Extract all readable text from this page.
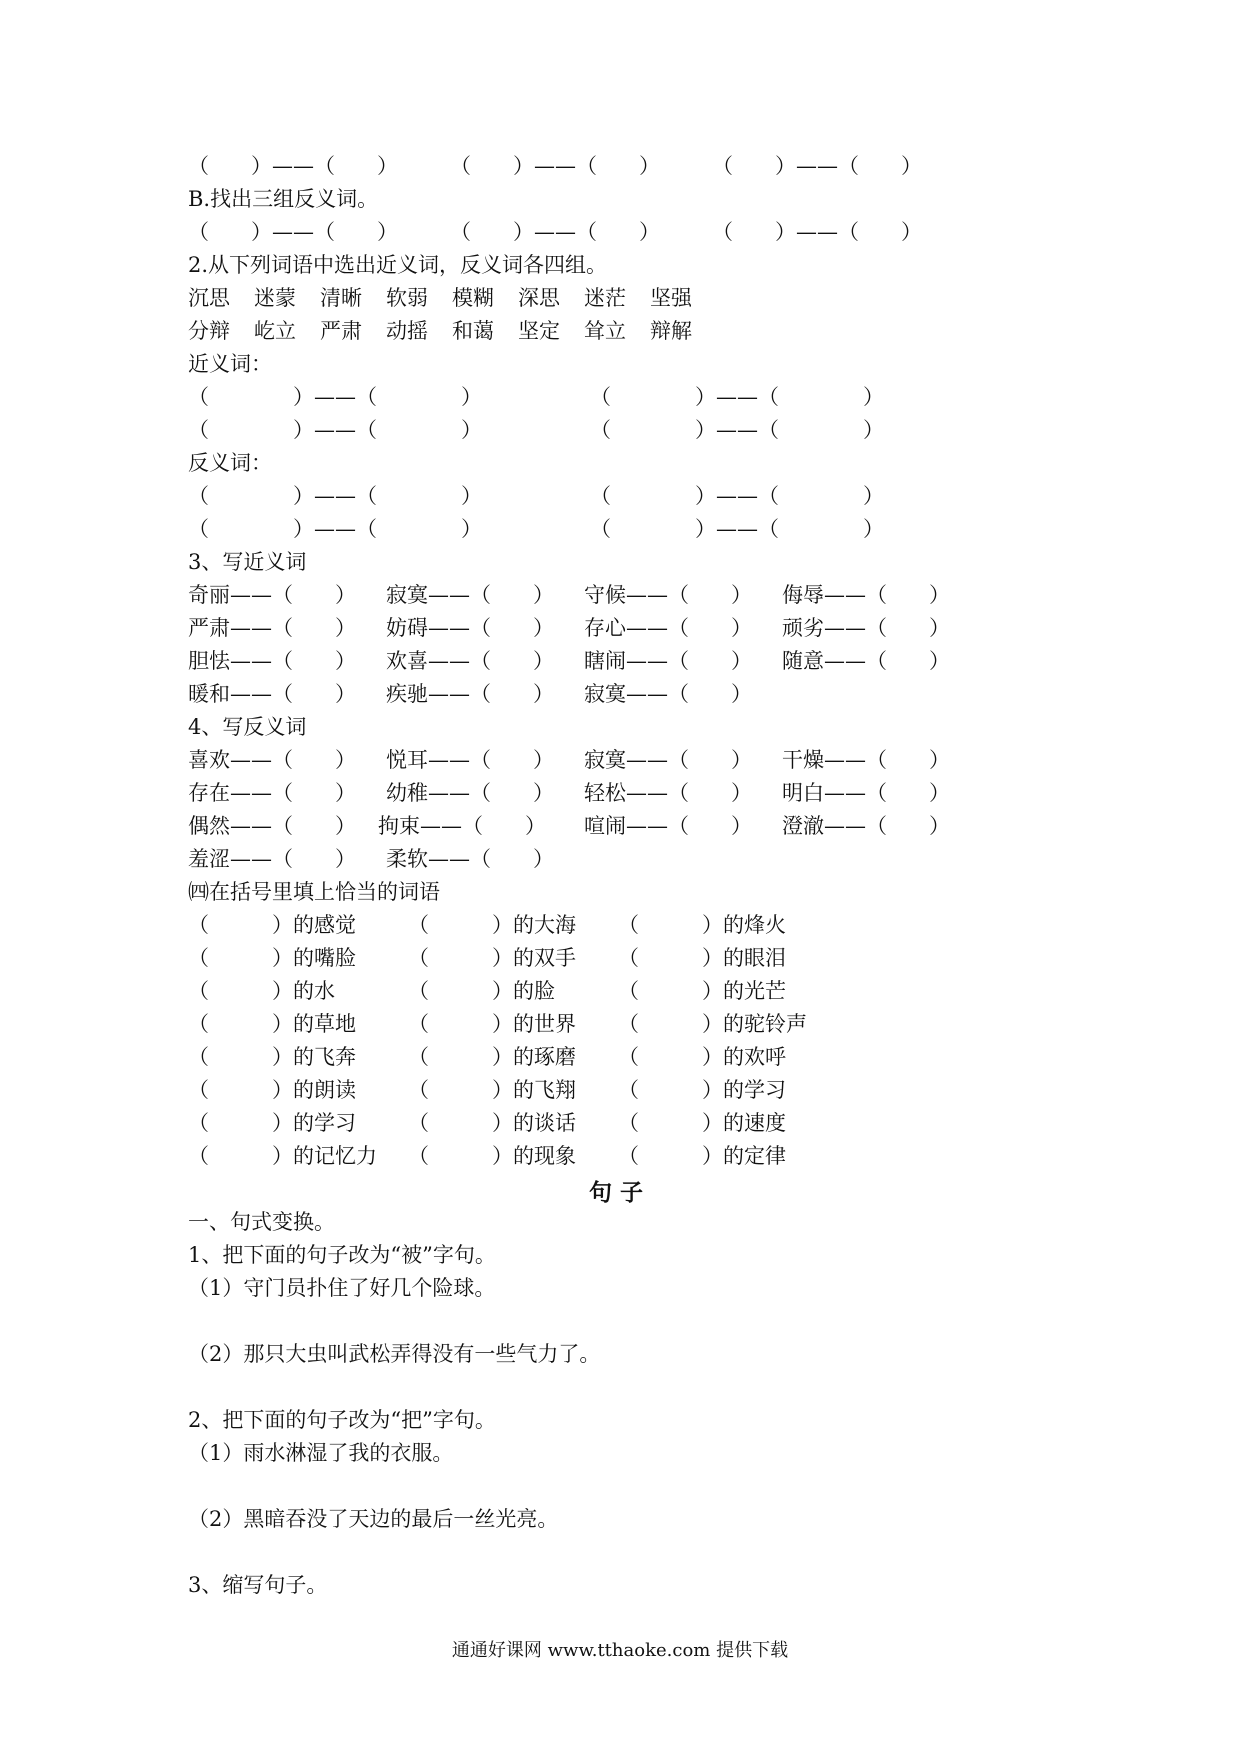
（　　）——（　　） （　　）——（　　） （　　）——（　　）
B.找出三组反义词。
（　　）——（　　） （　　）——（　　） （　　）——（　　）
2.从下列词语中选出近义词，反义词各四组。
沉思 迷蒙 清晰 软弱 模糊 深思 迷茫 坚强
分辩 屹立 严肃 动摇 和蔼 坚定 耸立 辩解
近义词：
（　　　　）——（　　　　）	（　　　　）——（　　　　）
（　　　　）——（　　　　）	（　　　　）——（　　　　）
反义词：
（　　　　）——（　　　　）	（　　　　）——（　　　　）
（　　　　）——（　　　　）	（　　　　）——（　　　　）
3、写近义词
奇丽——（　　） 寂寞——（　　） 守候——（　　） 侮辱——（　　）
严肃——（　　） 妨碍——（　　） 存心——（　　） 顽劣——（　　）
胆怯——（　　） 欢喜——（　　） 瞎闹——（　　） 随意——（　　）
暖和——（　　） 疾驰——（　　） 寂寞——（　　）
4、写反义词
喜欢——（　　） 悦耳——（　　） 寂寞——（　　） 干燥——（　　）
存在——（　　） 幼稚——（　　） 轻松——（　　） 明白——（　　）
偶然——（　　） 拘束——（　　） 喧闹——（　　） 澄澈——（　　）
羞涩——（　　） 柔软——（　　）
㈣在括号里填上恰当的词语
（　　　）的感觉 （　　　）的大海 （　　　）的烽火
（　　　）的嘴脸 （　　　）的双手 （　　　）的眼泪
（　　　）的水	（　　　）的脸	（　　　）的光芒
（　　　）的草地 （　　　）的世界 （　　　）的驼铃声
（　　　）的飞奔 （　　　）的琢磨 （　　　）的欢呼
（　　　）的朗读 （　　　）的飞翔 （　　　）的学习
（　　　）的学习 （　　　）的谈话 （　　　）的速度
（　　　）的记忆力 （　　　）的现象 （　　　）的定律
句子
一、句式变换。
1、把下面的句子改为“被”字句。
（1）守门员扑住了好几个险球。
（2）那只大虫叫武松弄得没有一些气力了。
2、把下面的句子改为“把”字句。
（1）雨水淋湿了我的衣服。
（2）黑暗吞没了天边的最后一丝光亮。
3、缩写句子。
通通好课网 www.tthaoke.com 提供下载
